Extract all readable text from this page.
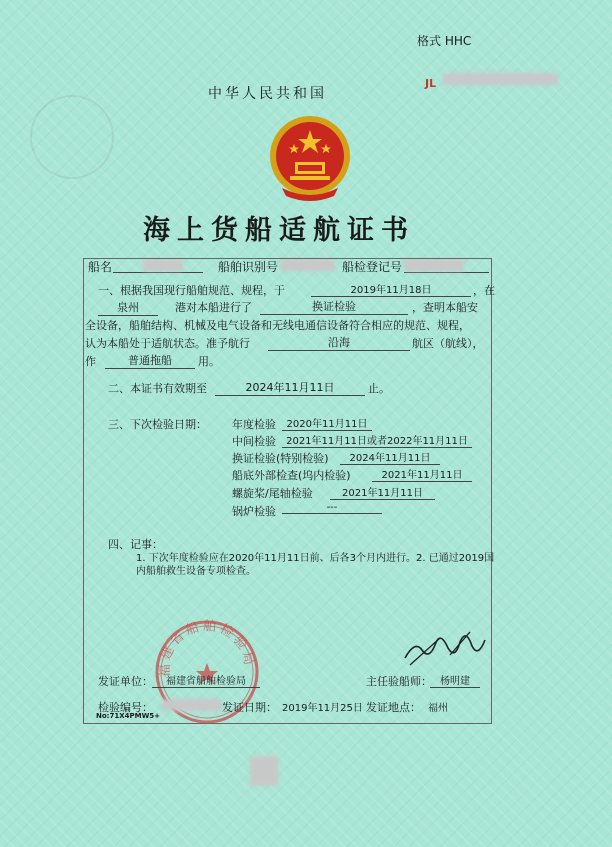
格式 HHC
JL
中华人民共和国
海上货船适航证书
船名	船舶识别号	船检登记号
一、根据我国现行船舶规范、规程，于	2019年11月18日	，在
泉州	港对本船进行了	换证检验	，查明本船安
全设备，船舶结构、机械及电气设备和无线电通信设备符合相应的规范、规程，
认为本船处于适航状态。准予航行	沿海	航区（航线），
作	普通拖船	用。
二、本证书有效期至	2024年11月11日	止。
三、下次检验日期： 年度检验	2020年11月11日
中间检验	2021年11月11日或者2022年11月11日
换证检验(特别检验)	2024年11月11日
船底外部检查(坞内检验)	2021年11月11日
螺旋桨/尾轴检验	2021年11月11日
锅炉检验	---
四、记事：
1. 下次年度检验应在2020年11月11日前、后各3个月内进行。2. 已通过2019国
内船舶救生设备专项检查。
福建省船舶检验局
发证单位：	福建省船舶检验局	主任验船师： 杨明建
检验编号：	发证日期： 2019年11月25日 发证地点： 福州
No:71X4PMW5+
